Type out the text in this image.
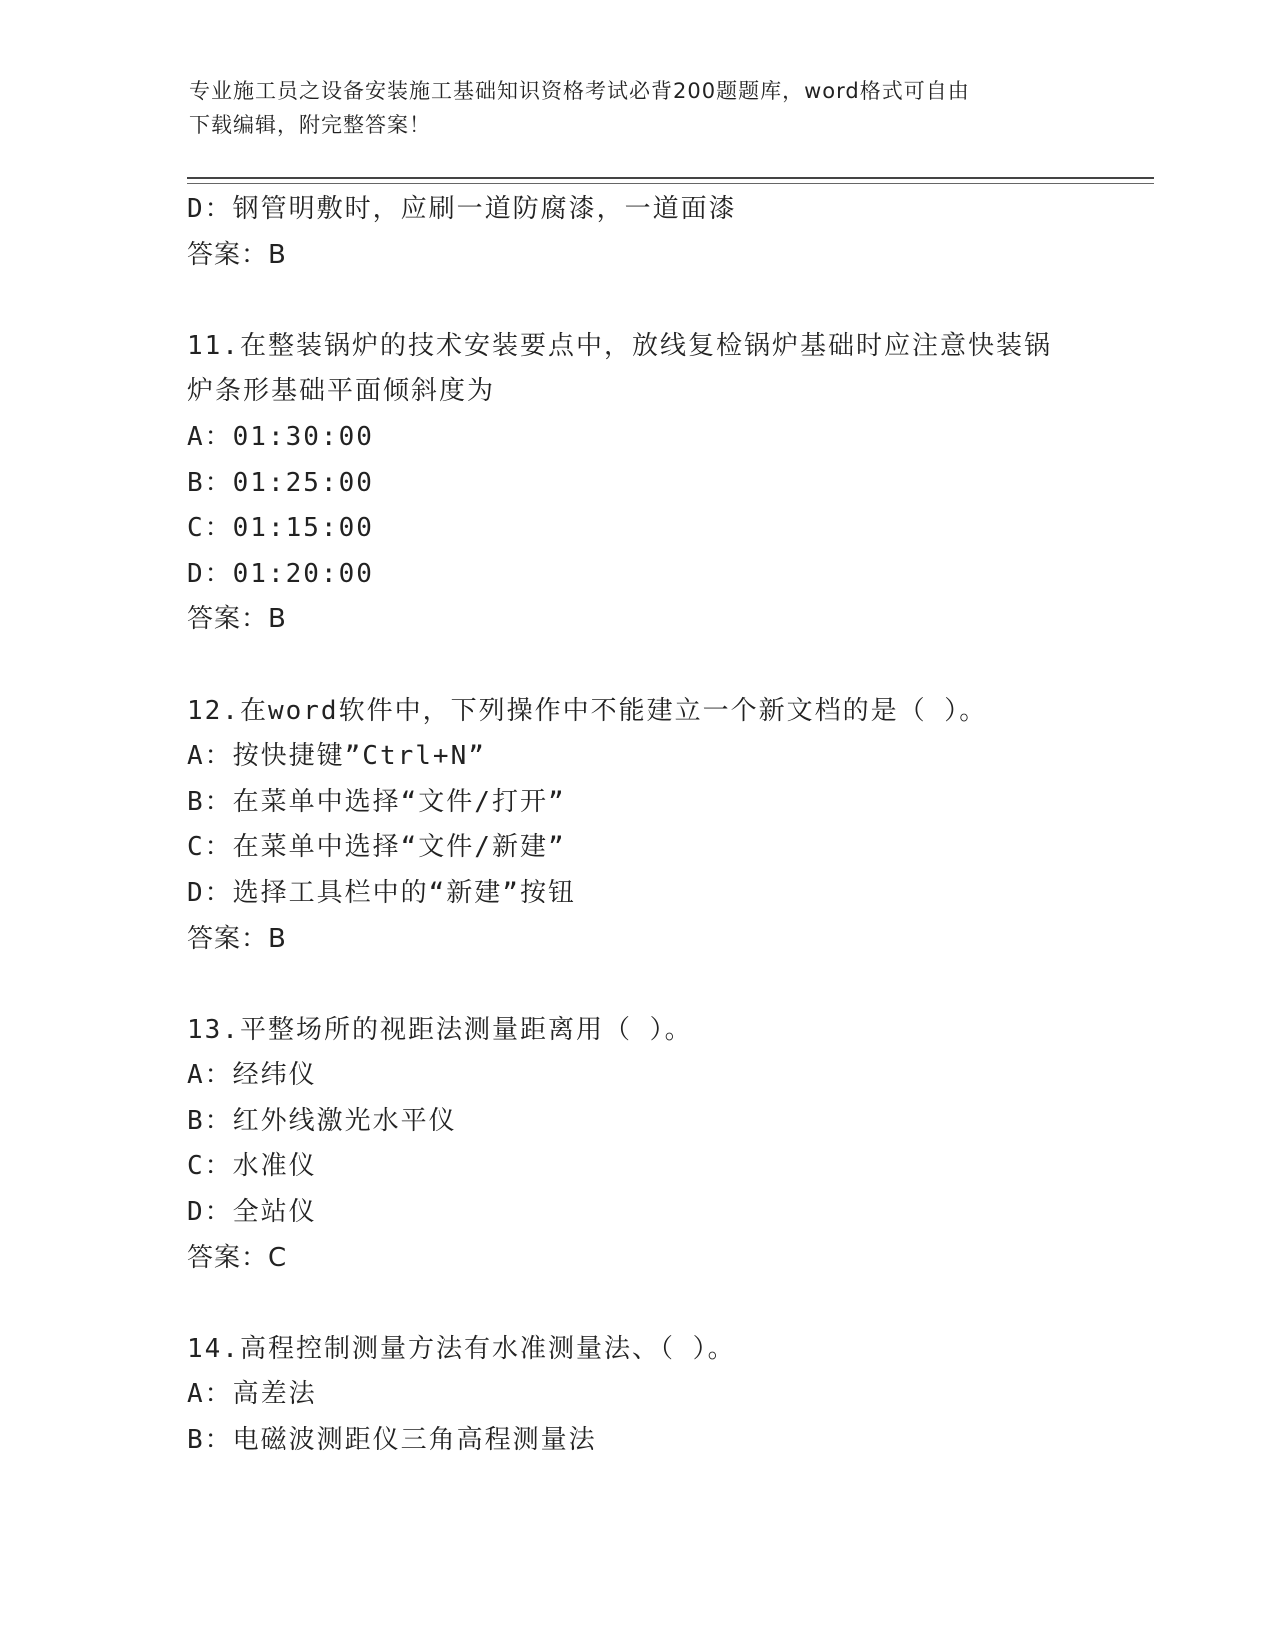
专业施工员之设备安装施工基础知识资格考试必背200题题库，word格式可自由
下载编辑，附完整答案！
D：钢管明敷时，应刷一道防腐漆，一道面漆
答案：B
11.在整装锅炉的技术安装要点中，放线复检锅炉基础时应注意快装锅
炉条形基础平面倾斜度为
A：01:30:00
B：01:25:00
C：01:15:00
D：01:20:00
答案：B
12.在word软件中，下列操作中不能建立一个新文档的是（ ）。
A：按快捷键”Ctrl+N”
B：在菜单中选择“文件/打开”
C：在菜单中选择“文件/新建”
D：选择工具栏中的“新建”按钮
答案：B
13.平整场所的视距法测量距离用（ ）。
A：经纬仪
B：红外线激光水平仪
C：水准仪
D：全站仪
答案：C
14.高程控制测量方法有水准测量法、（ ）。
A：高差法
B：电磁波测距仪三角高程测量法
